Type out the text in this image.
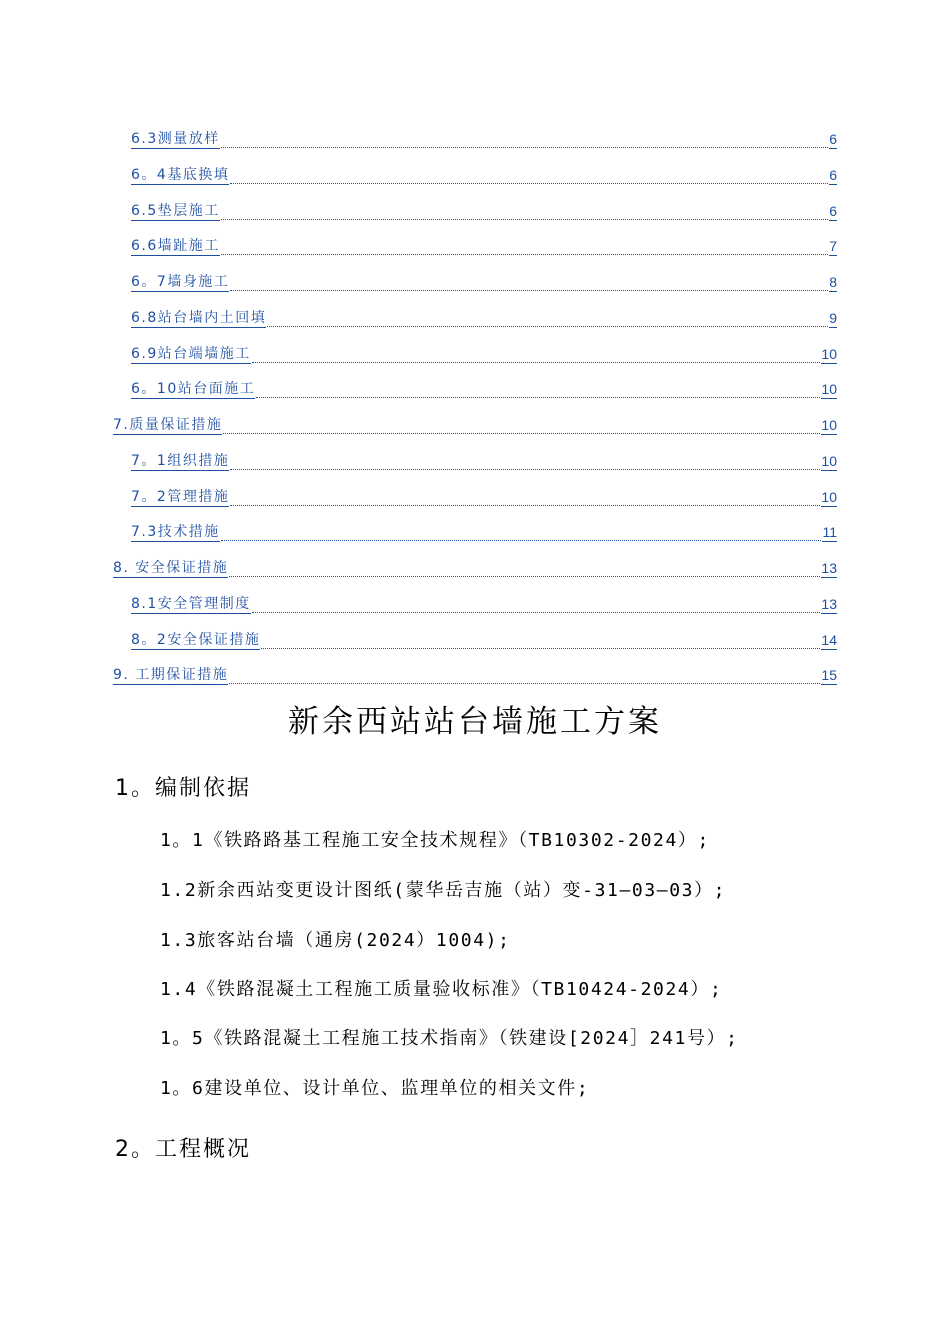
6.3测量放样	6
6。4基底换填	6
6.5垫层施工	6
6.6墙趾施工	7
6。7墙身施工	8
6.8站台墙内土回填	9
6.9站台端墙施工	10
6。10站台面施工	10
7.质量保证措施	10
7。1组织措施	10
7。2管理措施	10
7.3技术措施	11
8. 安全保证措施	13
8.1安全管理制度	13
8。2安全保证措施	14
9. 工期保证措施	15
新余西站站台墙施工方案
1。编制依据
1。1《铁路路基工程施工安全技术规程》（TB10302-2024）;
1.2新余西站变更设计图纸(蒙华岳吉施（站）变-31—03—03）;
1.3旅客站台墙（通房(2024）1004);
1.4《铁路混凝土工程施工质量验收标准》（TB10424-2024）;
1。5《铁路混凝土工程施工技术指南》（铁建设[2024］241号）;
1。6建设单位、设计单位、监理单位的相关文件;
2。工程概况
